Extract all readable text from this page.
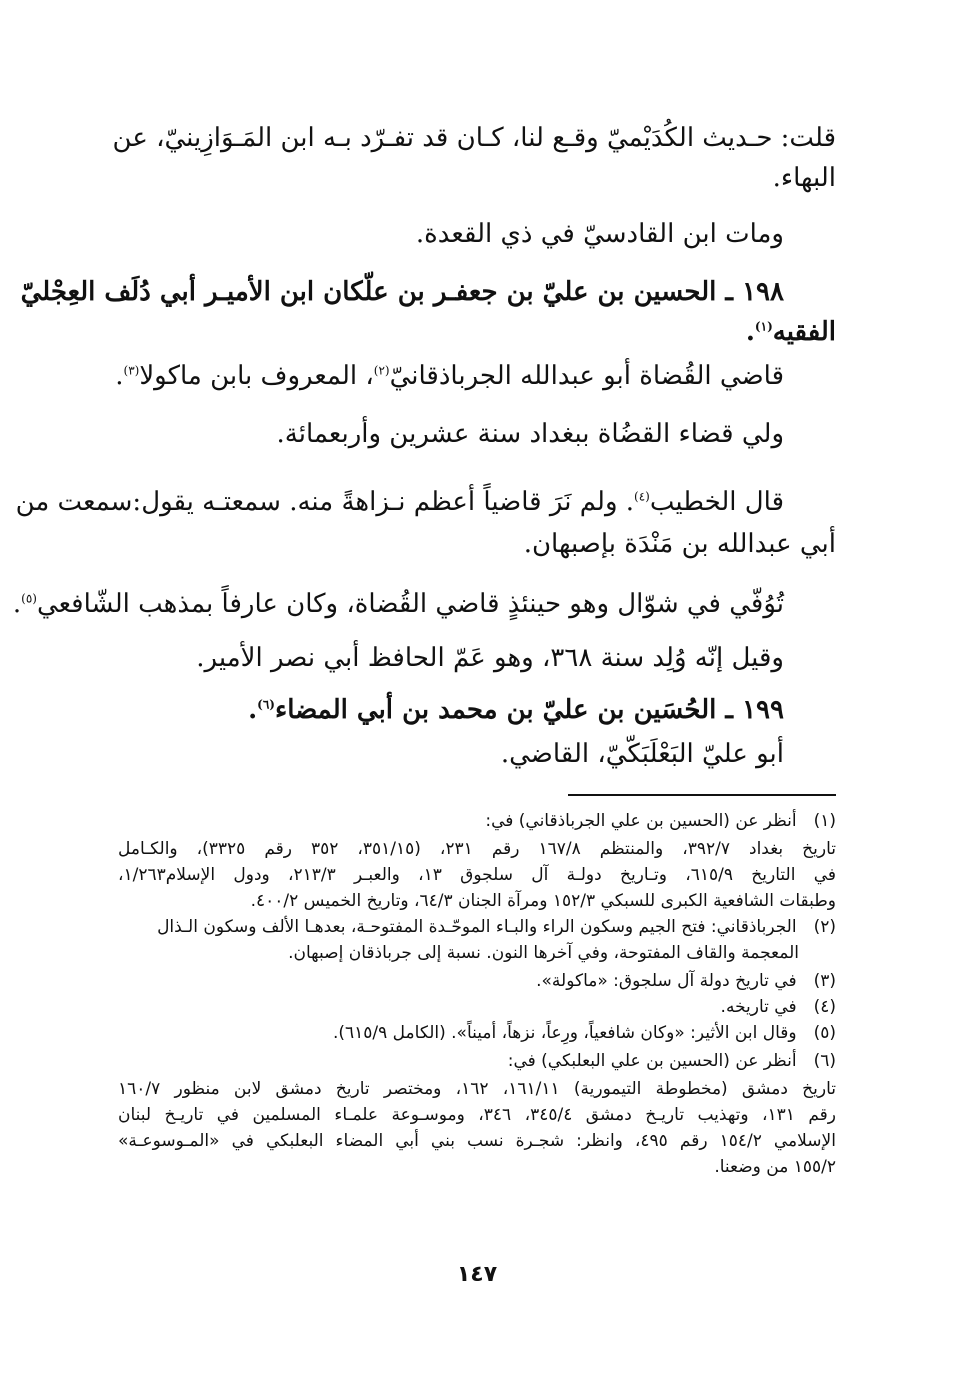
قلت: حـديث الكُدَيْميّ وقـع لنا، كـان قد تفـرّد بـه ابن المَـوَازِينيّ، عن
البهاء.
ومات ابن القادسيّ في ذي القعدة.
١٩٨ ـ الحسين بن عليّ بن جعفـر بن علّكان ابن الأميـر أبي دُلَف العِجْليّ
الفقيه$^{(١)}$.
قاضي القُضاة أبو عبدالله الجرباذقانيّ$^{(٢)}$، المعروف بابن ماكولا$^{(٣)}$.
ولي قضاء القضُاة ببغداد سنة عشرين وأربعمائة.
قال الخطيب$^{(٤)}$. ولم نَرَ قاضياً أعظم نـزاهةً منه. سمعتـه يقول:سمعت من
أبي عبدالله بن مَنْدَة بإصبهان.
تُوُفّي في شوّال وهو حينئذٍ قاضي القُضاة، وكان عارفاً بمذهب الشّافعي$^{(٥)}$.
وقيل إنّه وُلِد سنة ٣٦٨، وهو عَمّ الحافظ أبي نصر الأمير.
١٩٩ ـ الحُسَين بن عليّ بن محمد بن أبي المضاء$^{(٦)}$.
أبو عليّ البَعْلَبَكّيّ، القاضي.
(١) أنظر عن (الحسين بن علي الجرباذقاني) في:
تاريخ بغداد ٣٩٢/٧، والمنتظم ١٦٧/٨ رقم ٢٣١، (٣٥١/١٥، ٣٥٢ رقم ٣٣٢٥)، والكـامل
في التاريخ ٦١٥/٩، وتـاريخ دولـة آل سلجوق ١٣، والعبـر ٢١٣/٣، ودول الإسلام١/٢٦٣،
وطبقات الشافعية الكبرى للسبكي ١٥٢/٣ ومرآة الجنان ٦٤/٣، وتاريخ الخميس ٤٠٠/٢.
(٢) الجرباذقاني: فتح الجيم وسكون الراء والبـاء الموحّـدة المفتوحـة، بعدهـا الألف وسكون الـذال
المعجمة والقاف المفتوحة، وفي آخرها النون. نسبة إلى جرباذقان إصبهان.
(٣) في تاريخ دولة آل سلجوق: «ماكولة».
(٤) في تاريخه.
(٥) وقال ابن الأثير: «وكان شافعياً، ورِعاً، نزهاً، أميناً». (الكامل ٦١٥/٩).
(٦) أنظر عن (الحسين بن علي البعلبكي) في:
تاريخ دمشق (مخطوطة التيمورية) ١٦١/١١، ١٦٢، ومختصر تاريخ دمشق لابن منظور ١٦٠/٧
رقم ١٣١، وتهذيب تاريـخ دمشق ٣٤٥/٤، ٣٤٦، وموسـوعة علمـاء المسلمين في تاريـخ لبنان
الإسلامي ١٥٤/٢ رقم ٤٩٥، وانظر: شجـرة نسب بني أبي المضاء البعلبكي في «المـوسوعـة»
١٥٥/٢ من وضعنا.
١٤٧
